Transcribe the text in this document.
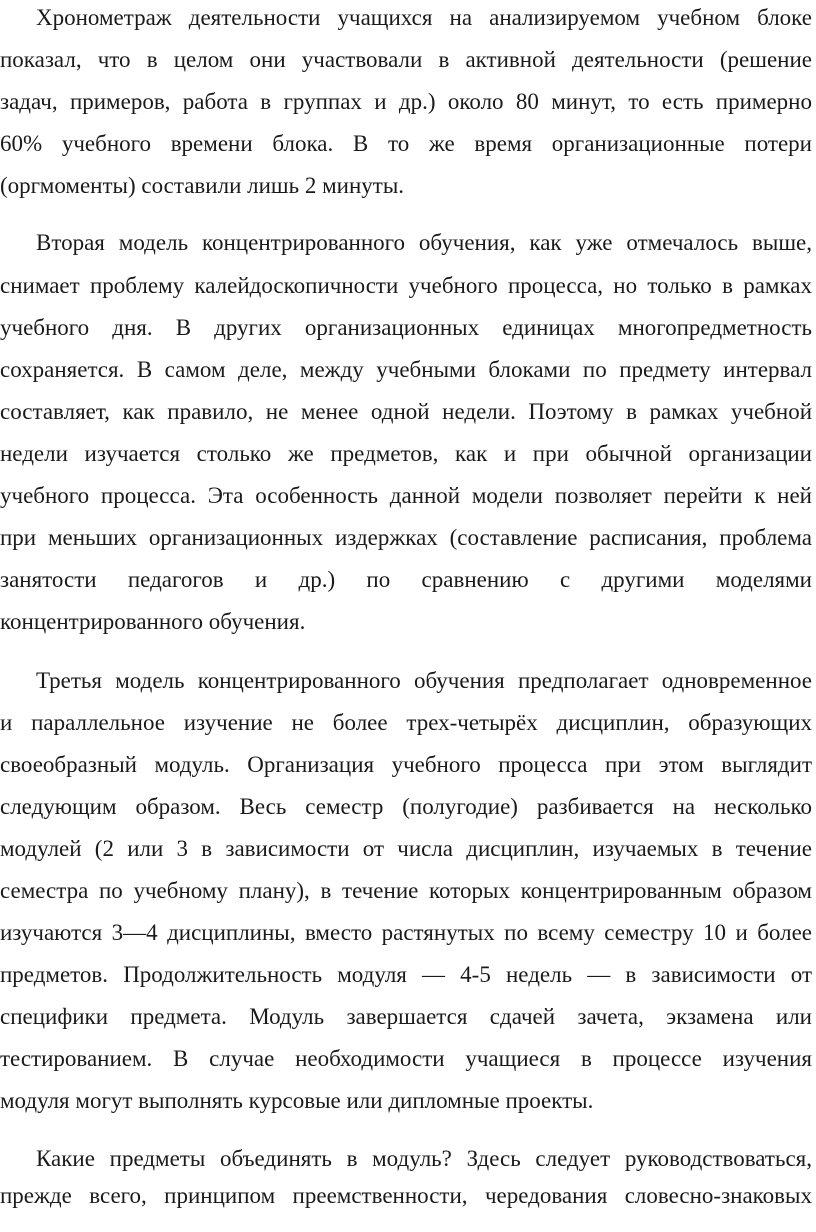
Хронометраж деятельности учащихся на анализируемом учебном блоке
показал, что в целом они участвовали в активной деятельности (решение
задач, примеров, работа в группах и др.) около 80 минут, то есть примерно
60% учебного времени блока. В то же время организационные потери
(оргмоменты) составили лишь 2 минуты.
Вторая модель концентрированного обучения, как уже отмечалось выше,
снимает проблему калейдоскопичности учебного процесса, но только в рамках
учебного дня. В других организационных единицах многопредметность
сохраняется. В самом деле, между учебными блоками по предмету интервал
составляет, как правило, не менее одной недели. Поэтому в рамках учебной
недели изучается столько же предметов, как и при обычной организации
учебного процесса. Эта особенность данной модели позволяет перейти к ней
при меньших организационных издержках (составление расписания, проблема
занятости педагогов и др.) по сравнению с другими моделями
концентрированного обучения.
Третья модель концентрированного обучения предполагает одновременное
и параллельное изучение не более трех-четырёх дисциплин, образующих
своеобразный модуль. Организация учебного процесса при этом выглядит
следующим образом. Весь семестр (полугодие) разбивается на несколько
модулей (2 или 3 в зависимости от числа дисциплин, изучаемых в течение
семестра по учебному плану), в течение которых концентрированным образом
изучаются 3—4 дисциплины, вместо растянутых по всему семестру 10 и более
предметов. Продолжительность модуля — 4-5 недель — в зависимости от
специфики предмета. Модуль завершается сдачей зачета, экзамена или
тестированием. В случае необходимости учащиеся в процессе изучения
модуля могут выполнять курсовые или дипломные проекты.
Какие предметы объединять в модуль? Здесь следует руководствоваться,
прежде всего, принципом преемственности, чередования словесно-знаковых
